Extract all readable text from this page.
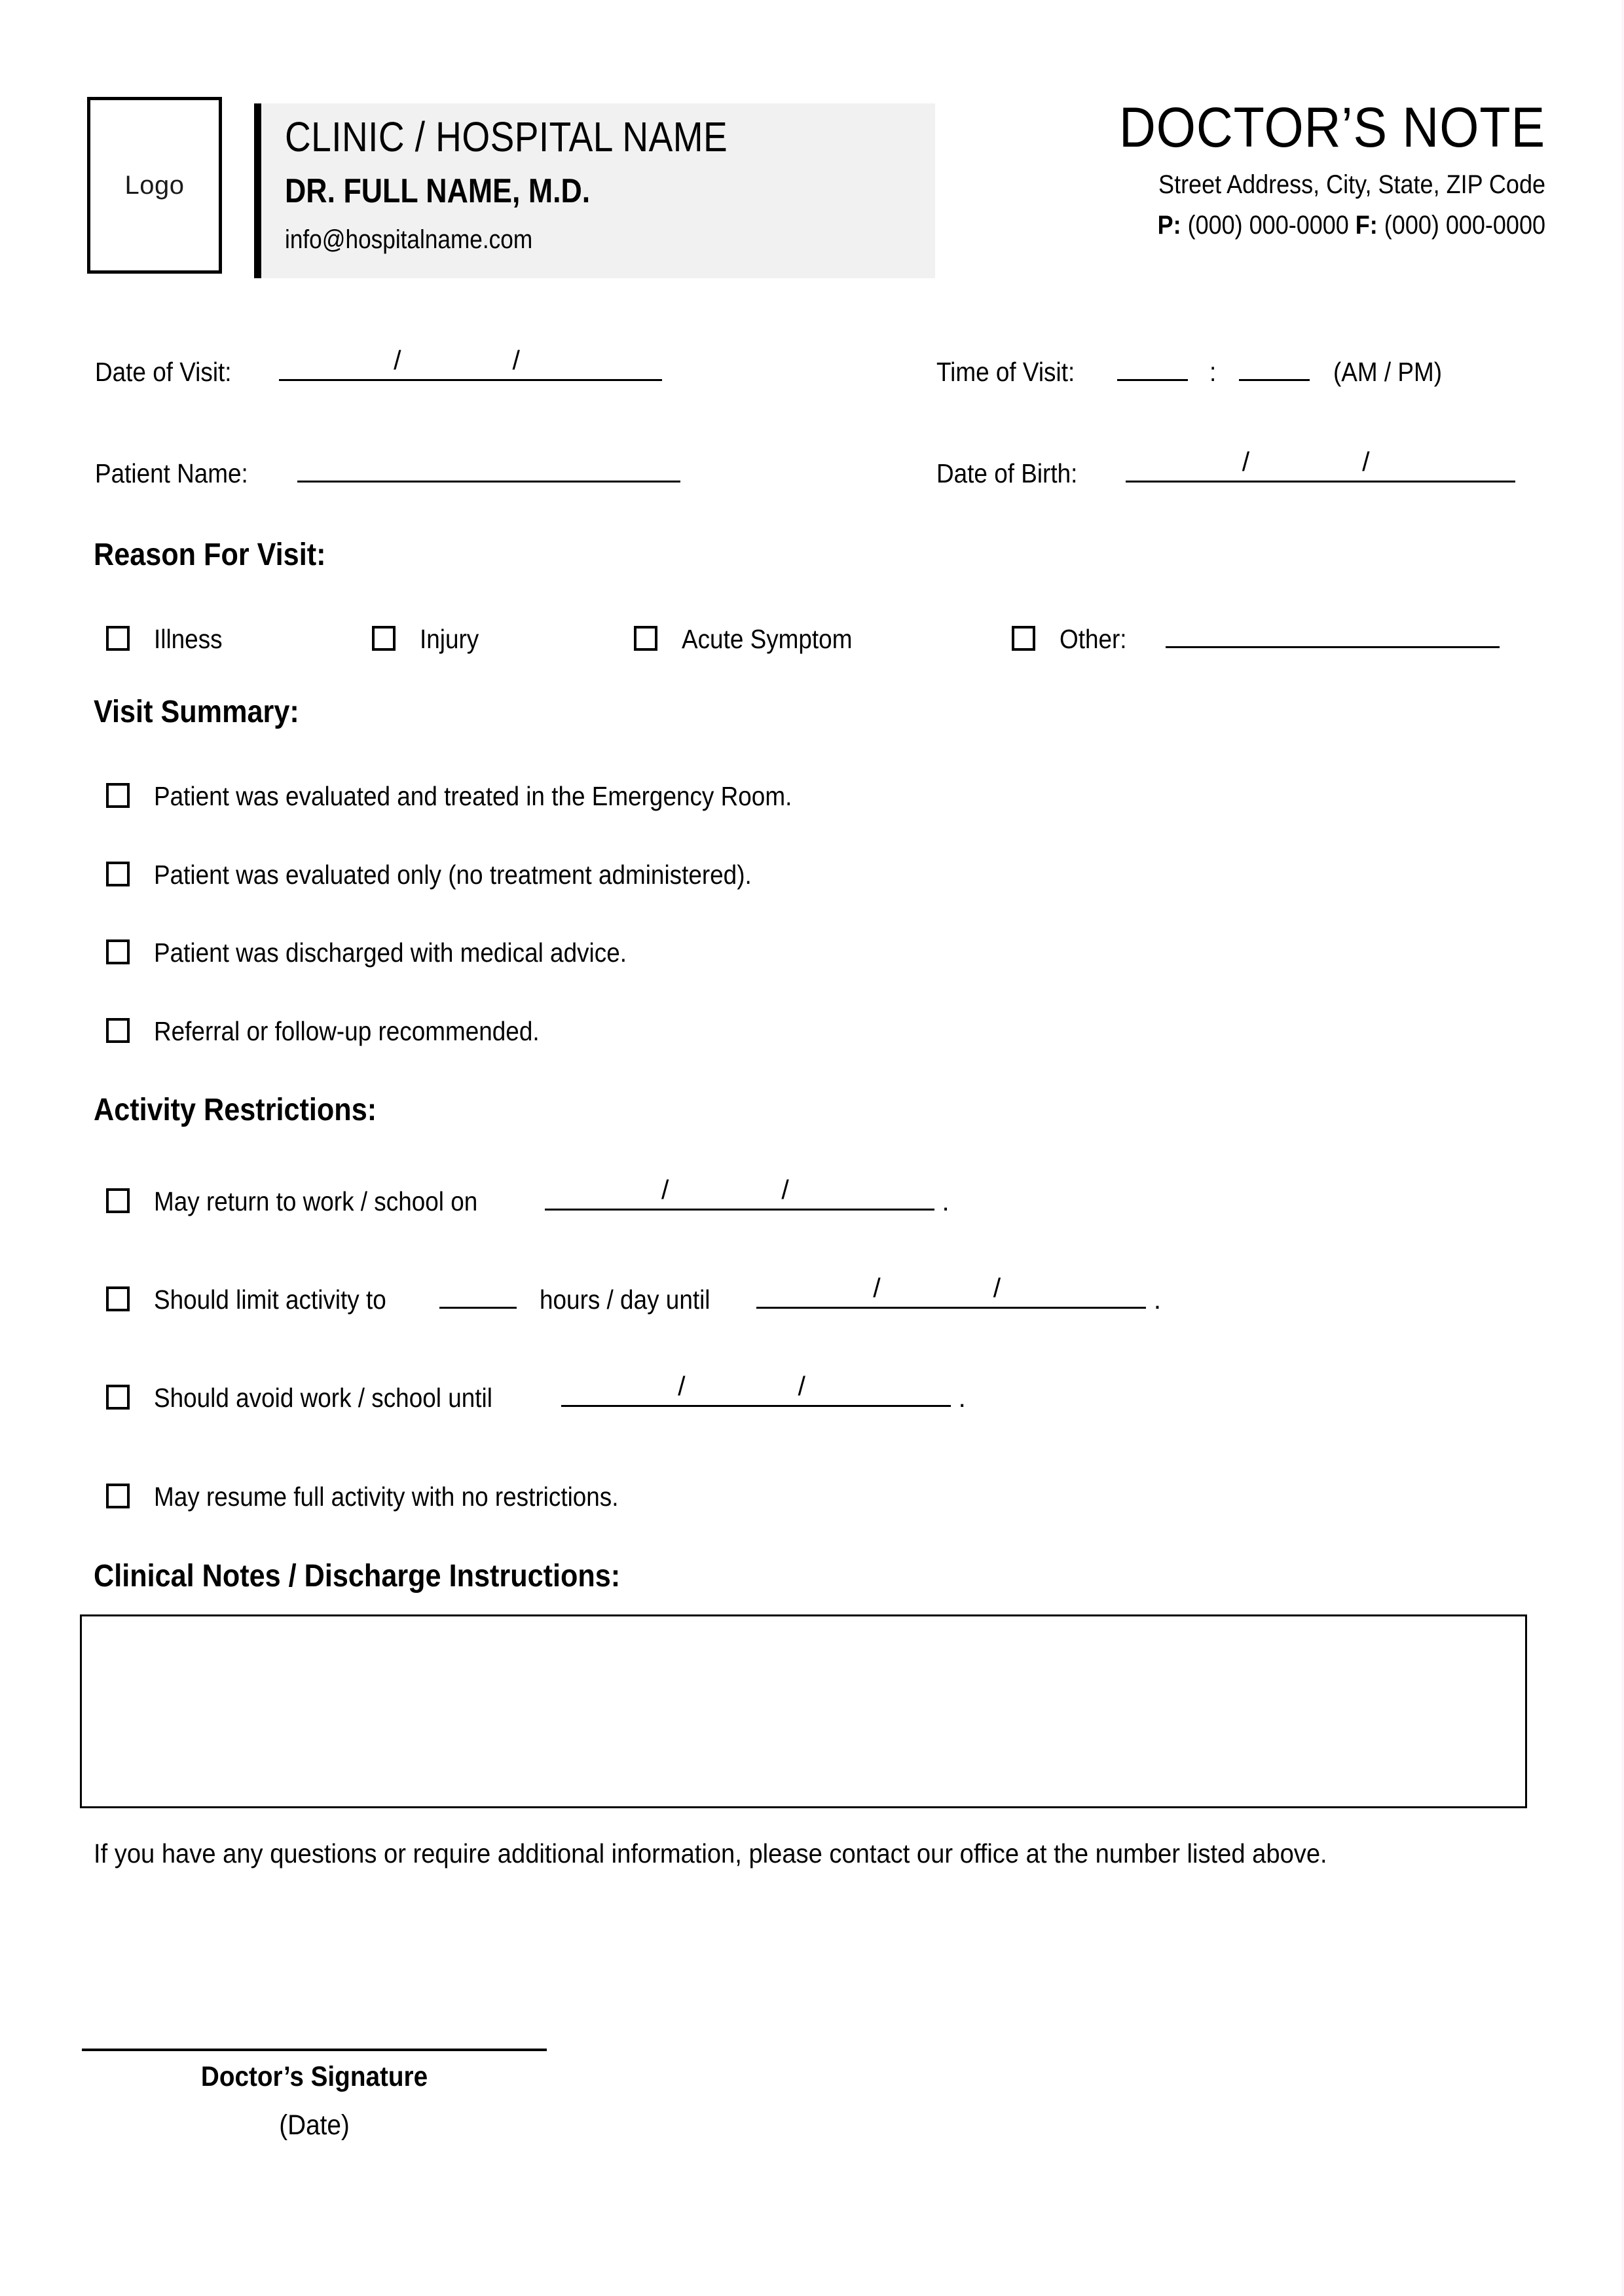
Logo
CLINIC / HOSPITAL NAME
DR. FULL NAME, M.D.
info@hospitalname.com
DOCTOR’S NOTE
Street Address, City, State, ZIP Code
P: (000) 000-0000 F: (000) 000-0000
Date of Visit:	/	/	Time of Visit:	:	(AM / PM)
Patient Name:	Date of Birth:	/	/
Reason For Visit:
Illness	Injury	Acute Symptom	Other:
Visit Summary:
Patient was evaluated and treated in the Emergency Room.
Patient was evaluated only (no treatment administered).
Patient was discharged with medical advice.
Referral or follow-up recommended.
Activity Restrictions:
May return to work / school on	/	/	.
Should limit activity to	hours / day until	/	/	.
Should avoid work / school until	/	/	.
May resume full activity with no restrictions.
Clinical Notes / Discharge Instructions:
If you have any questions or require additional information, please contact our office at the number listed above.
Doctor’s Signature
(Date)
